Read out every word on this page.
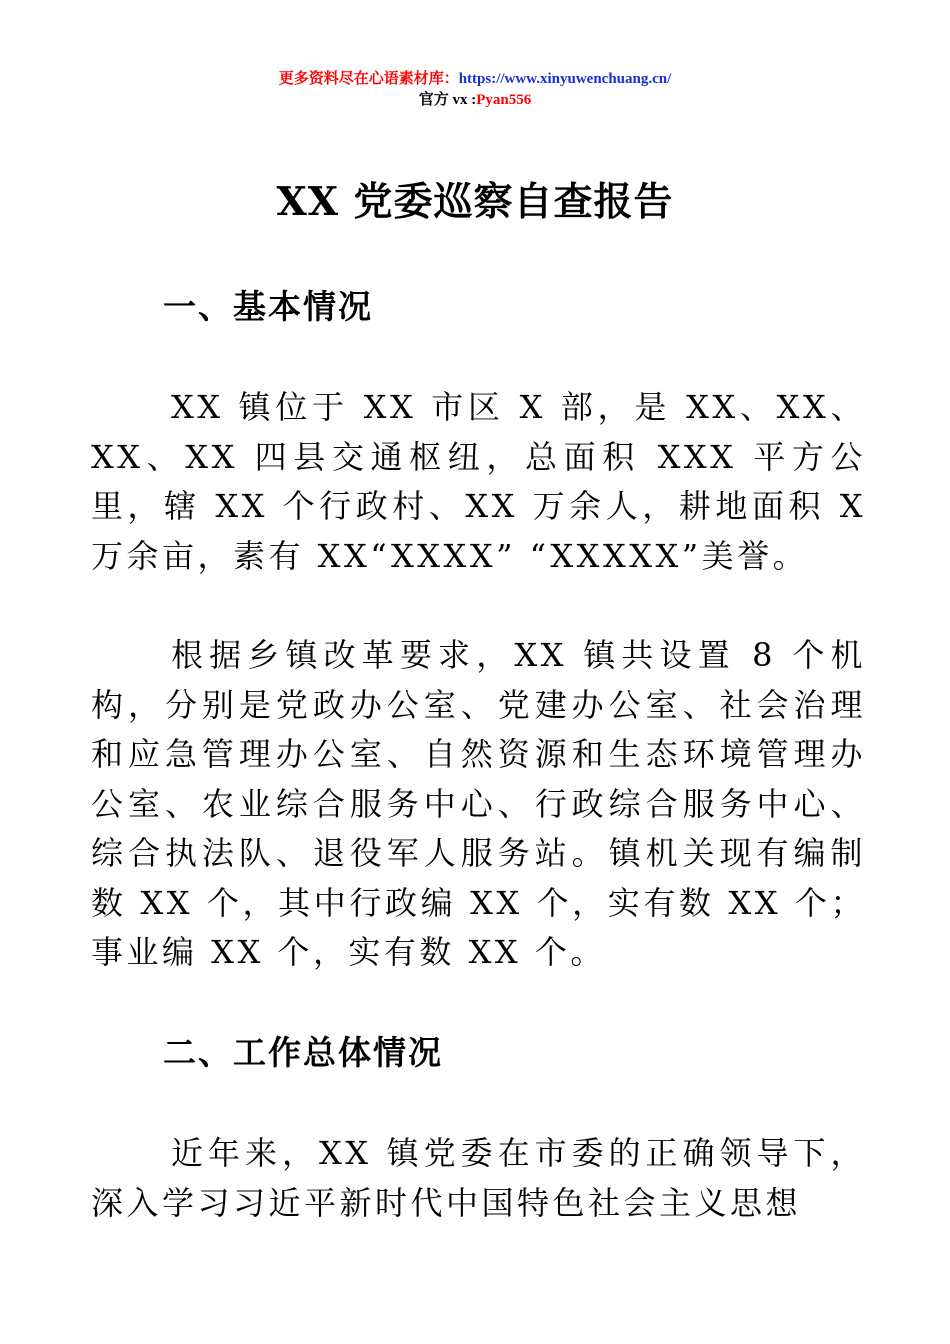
更多资料尽在心语素材库：https://www.xinyuwenchuang.cn/
官方 vx :Pyan556
XX 党委巡察自查报告
一、基本情况

XX 镇位于 XX 市区 X 部，是 XX、XX、XX、XX 四县交通枢纽，总面积 XXX 平方公里，辖 XX 个行政村、XX 万余人，耕地面积 X 万余亩，素有 XX“XXXX” “XXXXX”美誉。

根据乡镇改革要求，XX 镇共设置 8 个机构，分别是党政办公室、党建办公室、社会治理和应急管理办公室、自然资源和生态环境管理办公室、农业综合服务中心、行政综合服务中心、综合执法队、退役军人服务站。镇机关现有编制数 XX 个，其中行政编 XX 个，实有数 XX 个；事业编 XX 个，实有数 XX 个。

二、工作总体情况

近年来，XX 镇党委在市委的正确领导下，深入学习习近平新时代中国特色社会主义思想
